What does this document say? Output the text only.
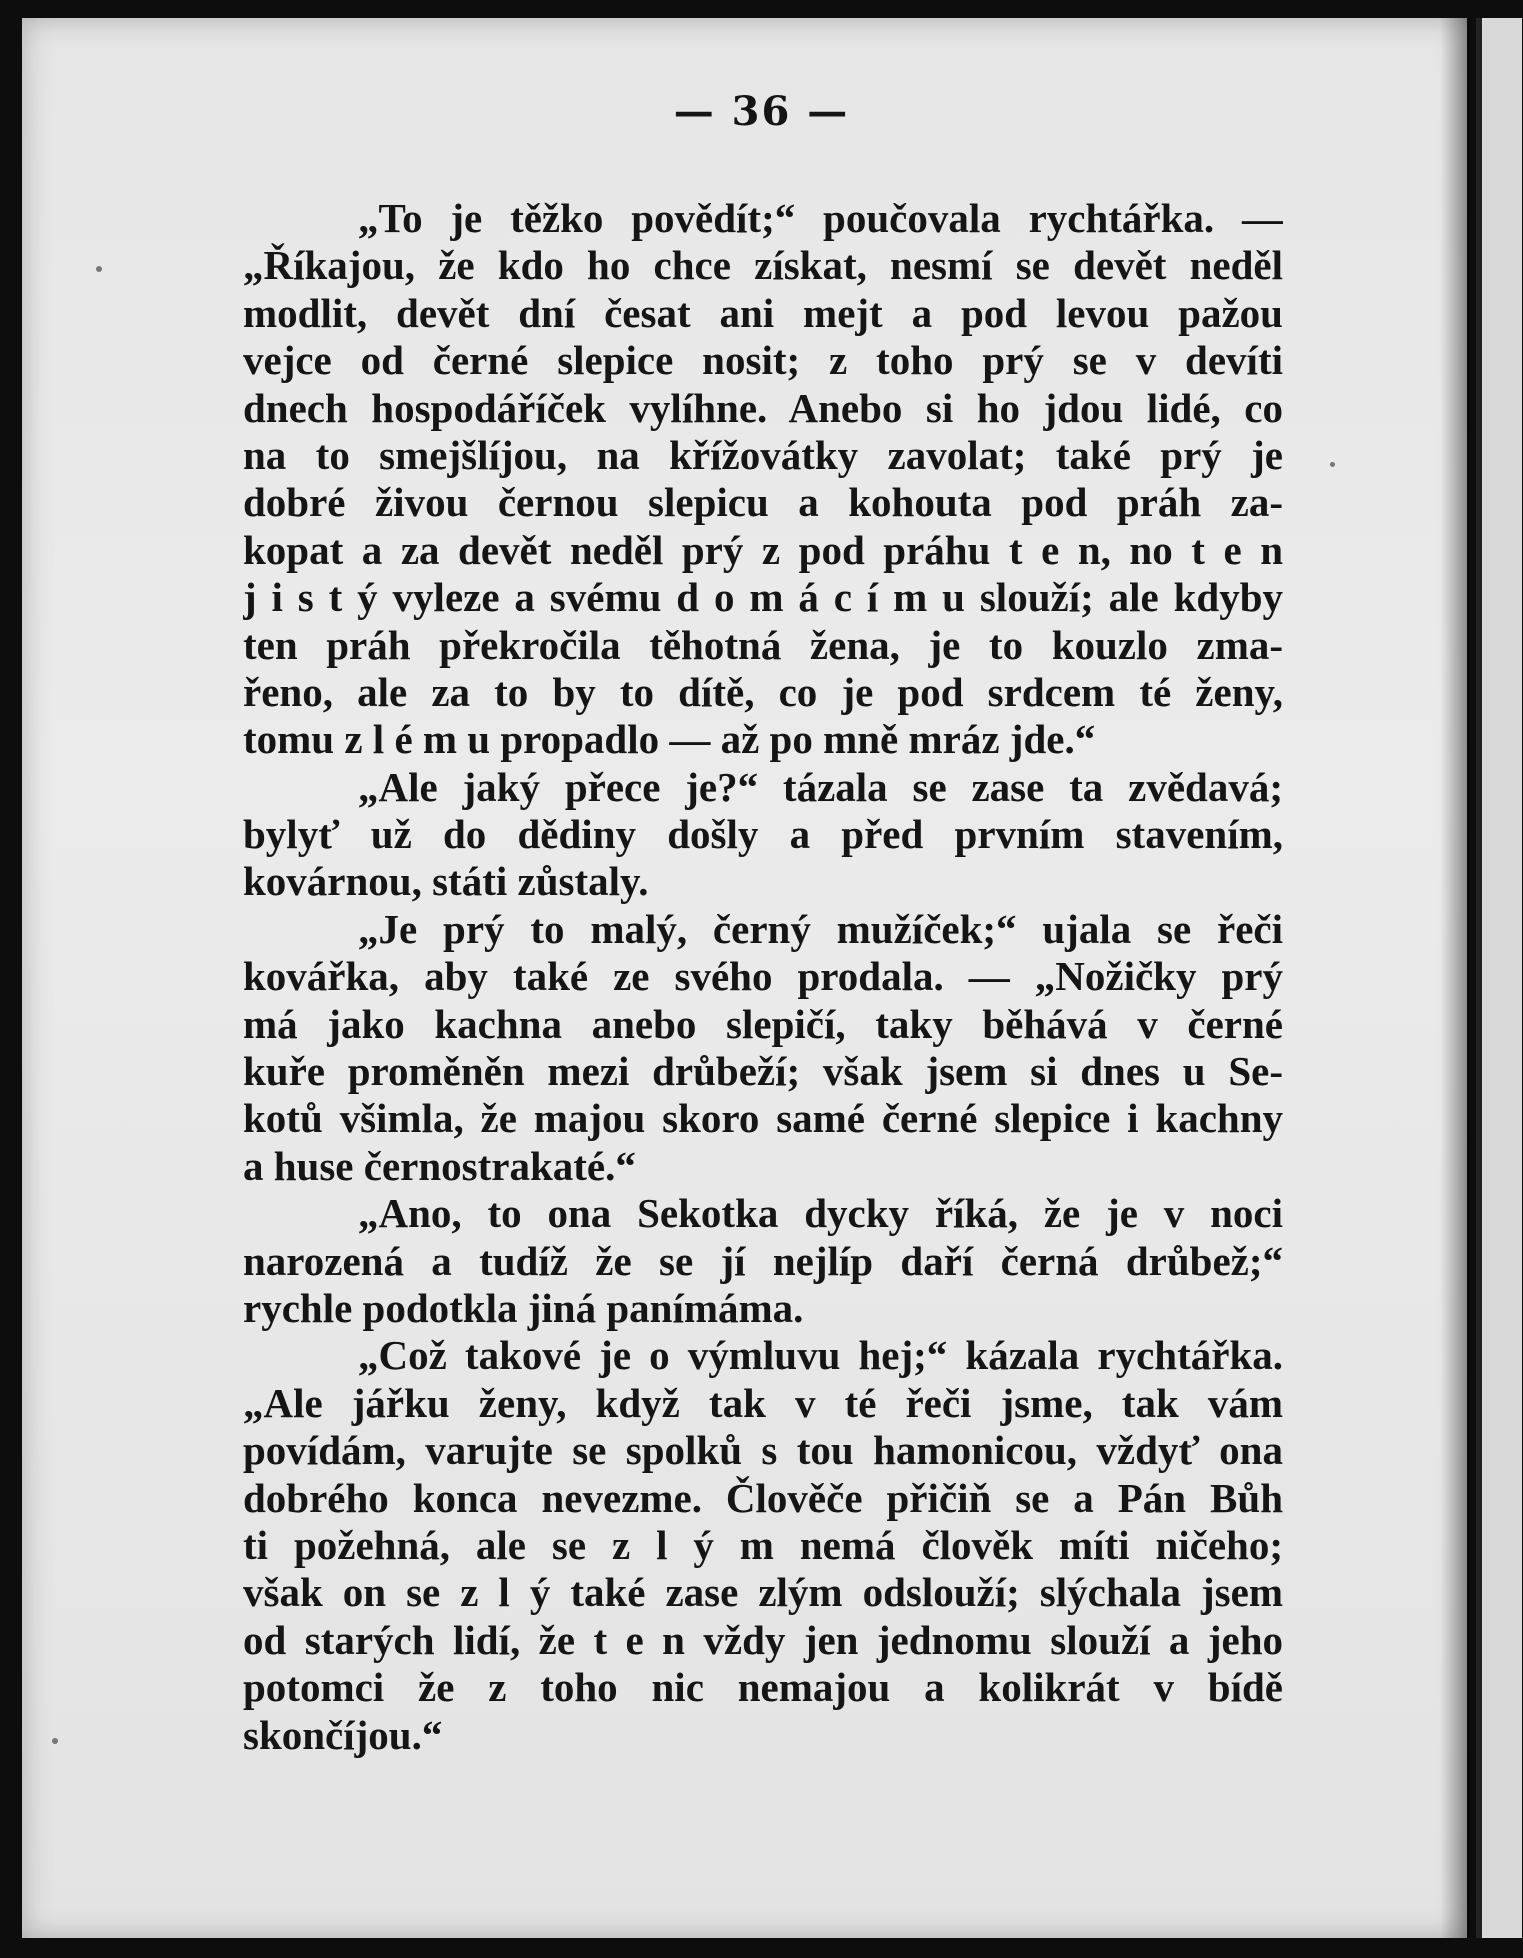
— 36 —
„To je těžko povědít;“ poučovala rychtářka. —
„Říkajou, že kdo ho chce získat, nesmí se devět neděl
modlit, devět dní česat ani mejt a pod levou pažou
vejce od černé slepice nosit; z toho prý se v devíti
dnech hospodáříček vylíhne. Anebo si ho jdou lidé, co
na to smejšlíjou, na křížovátky zavolat; také prý je
dobré živou černou slepicu a kohouta pod práh za-
kopat a za devět neděl prý z pod práhu t e n, no t e n
j i s t ý vyleze a svému d o m á c í m u slouží; ale kdyby
ten práh překročila těhotná žena, je to kouzlo zma-
řeno, ale za to by to dítě, co je pod srdcem té ženy,
tomu z l é m u propadlo — až po mně mráz jde.“
„Ale jaký přece je?“ tázala se zase ta zvědavá;
bylyť už do dědiny došly a před prvním stavením,
kovárnou, státi zůstaly.
„Je prý to malý, černý mužíček;“ ujala se řeči
kovářka, aby také ze svého prodala. — „Nožičky prý
má jako kachna anebo slepičí, taky běhává v černé
kuře proměněn mezi drůbeží; však jsem si dnes u Se-
kotů všimla, že majou skoro samé černé slepice i kachny
a huse černostrakaté.“
„Ano, to ona Sekotka dycky říká, že je v noci
narozená a tudíž že se jí nejlíp daří černá drůbež;“
rychle podotkla jiná panímáma.
„Což takové je o výmluvu hej;“ kázala rychtářka.
„Ale jářku ženy, když tak v té řeči jsme, tak vám
povídám, varujte se spolků s tou hamonicou, vždyť ona
dobrého konca nevezme. Člověče přičiň se a Pán Bůh
ti požehná, ale se z l ý m nemá člověk míti ničeho;
však on se z l ý také zase zlým odslouží; slýchala jsem
od starých lidí, že t e n vždy jen jednomu slouží a jeho
potomci že z toho nic nemajou a kolikrát v bídě
skončíjou.“
